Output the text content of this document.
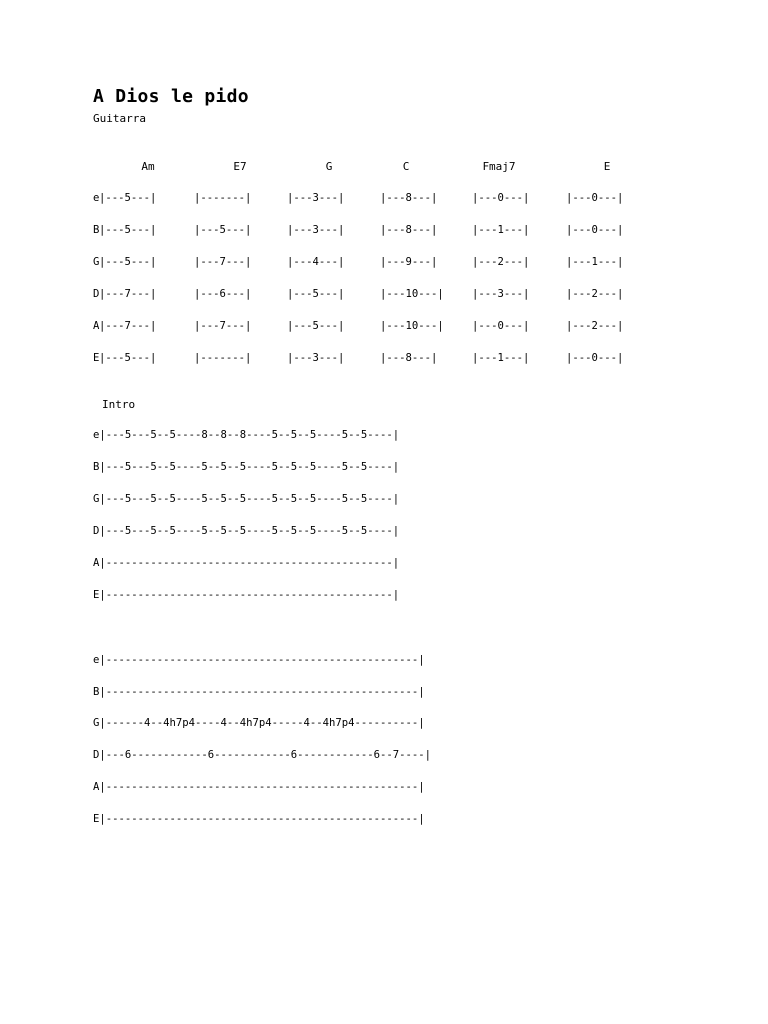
A Dios le pido
Guitarra
Am	E7	G	C	Fmaj7	E
e |---5---|	|-------|	|---3---|	|---8---|	|---0---|	|---0---|
B |---5---|	|---5---|	|---3---|	|---8---|	|---1---|	|---0---|
G |---5---|	|---7---|	|---4---|	|---9---|	|---2---|	|---1---|
D |---7---|	|---6---|	|---5---|	|---10---|	|---3---|	|---2---|
A |---7---|	|---7---|	|---5---|	|---10---|	|---0---|	|---2---|
E |---5---|	|-------|	|---3---|	|---8---|	|---1---|	|---0---|
Intro
e|---5---5--5----8--8--8----5--5--5----5--5----|
B|---5---5--5----5--5--5----5--5--5----5--5----|
G|---5---5--5----5--5--5----5--5--5----5--5----|
D|---5---5--5----5--5--5----5--5--5----5--5----|
A|---------------------------------------------|
E|---------------------------------------------|
e|-------------------------------------------------|
B|-------------------------------------------------|
G|------4--4h7p4----4--4h7p4-----4--4h7p4----------|
D|---6------------6------------6------------6--7----|
A|-------------------------------------------------|
E|-------------------------------------------------|
